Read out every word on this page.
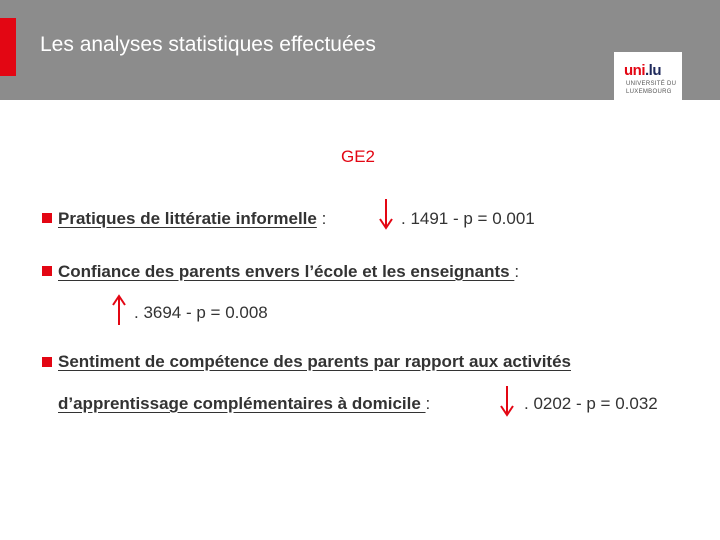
Les analyses statistiques effectuées
uni.lu
UNIVERSITÉ DU
LUXEMBOURG
GE2
Pratiques de littératie informelle :	. 1491 - p = 0.001
Confiance des parents envers l’école et les enseignants :
. 3694 - p = 0.008
Sentiment de compétence des parents par rapport aux activités
d’apprentissage complémentaires à domicile :	. 0202 - p = 0.032
